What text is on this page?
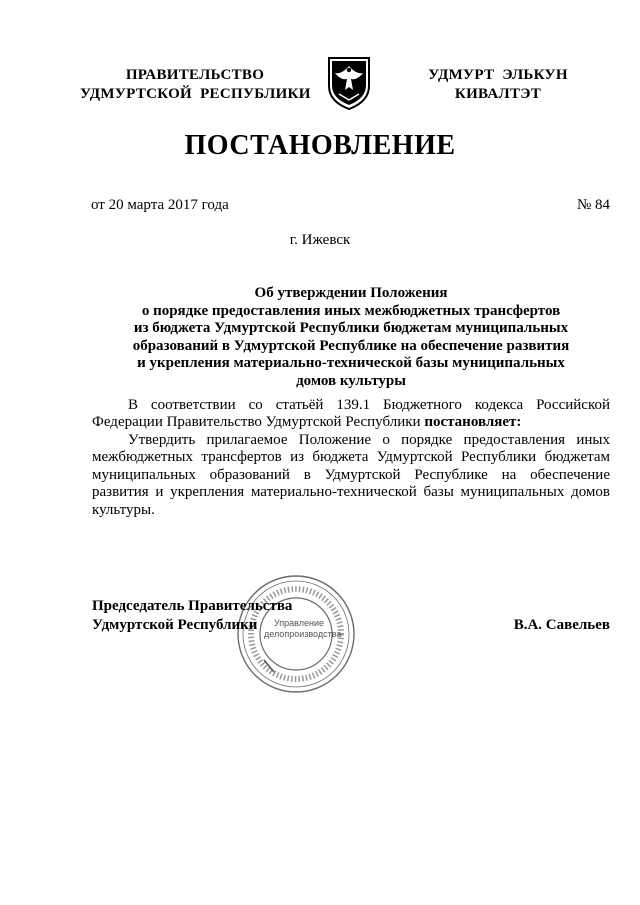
ПРАВИТЕЛЬСТВО
УДМУРТСКОЙ  РЕСПУБЛИКИ
УДМУРТ  ЭЛЬКУН
КИВАЛТЭТ
ПОСТАНОВЛЕНИЕ
от 20 марта 2017 года	№ 84
г. Ижевск
Об утверждении Положения
о порядке предоставления иных межбюджетных трансфертов
из бюджета Удмуртской Республики бюджетам муниципальных
образований в Удмуртской Республике на обеспечение развития
и укрепления материально-технической базы муниципальных
домов культуры
В соответствии со статьёй 139.1 Бюджетного кодекса Российской Федерации Правительство Удмуртской Республики постановляет:
Утвердить прилагаемое Положение о порядке предоставления иных межбюджетных трансфертов из бюджета Удмуртской Республики бюджетам муниципальных образований в Удмуртской Республике на обеспечение развития и укрепления материально-технической базы муниципальных домов культуры.
Управление
делопроизводства
Председатель Правительства
Удмуртской Республики	В.А. Савельев
